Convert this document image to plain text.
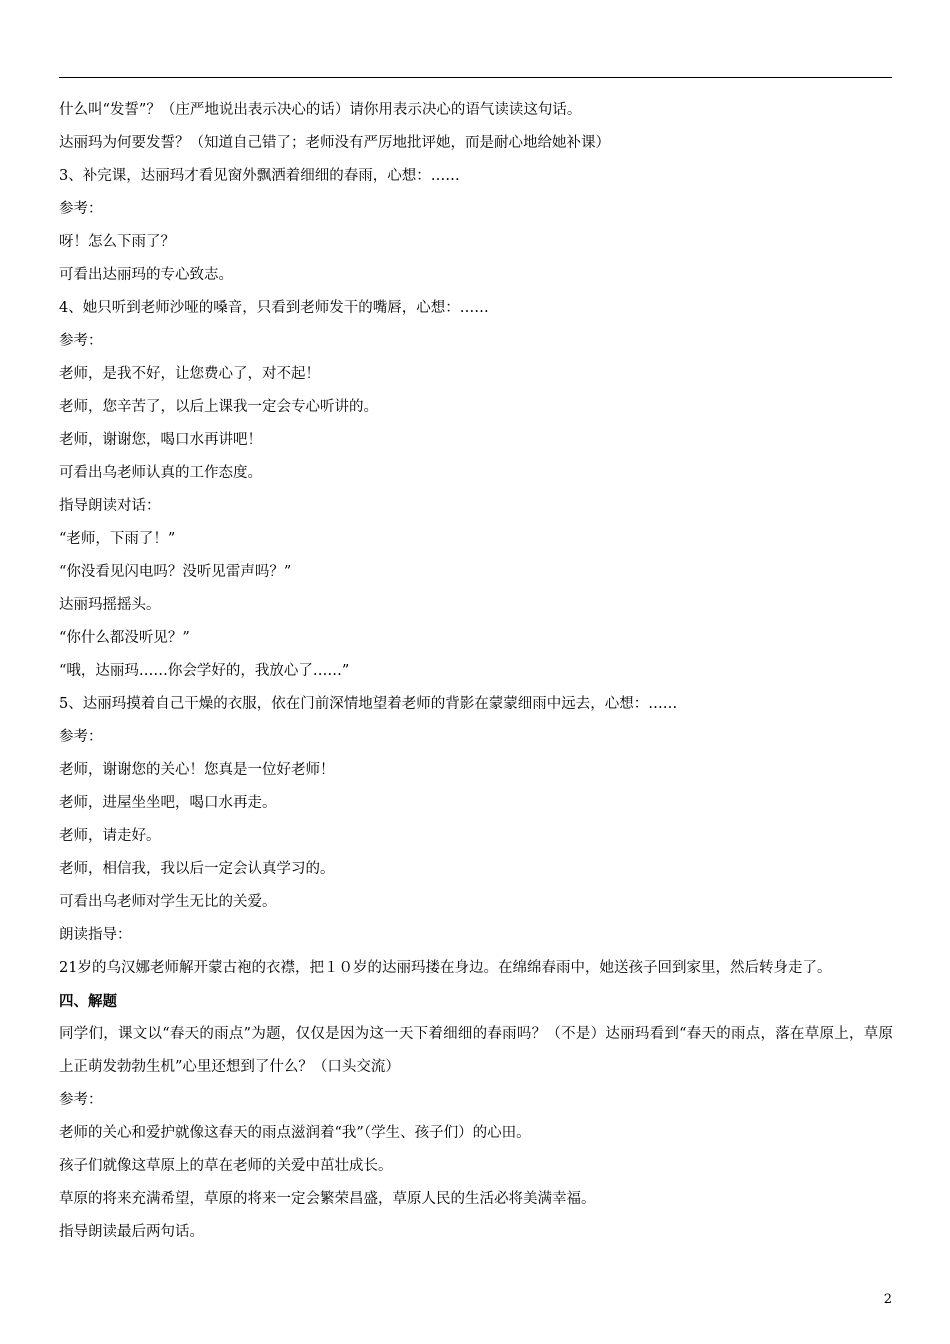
什么叫“发誓”？（庄严地说出表示决心的话）请你用表示决心的语气读读这句话。
达丽玛为何要发誓？（知道自己错了；老师没有严厉地批评她，而是耐心地给她补课）
3、补完课，达丽玛才看见窗外飘洒着细细的春雨，心想：……
参考：
呀！怎么下雨了？
可看出达丽玛的专心致志。
4、她只听到老师沙哑的嗓音，只看到老师发干的嘴唇，心想：……
参考：
老师，是我不好，让您费心了，对不起！
老师，您辛苦了，以后上课我一定会专心听讲的。
老师，谢谢您，喝口水再讲吧！
可看出乌老师认真的工作态度。
指导朗读对话：
“老师，下雨了！”
“你没看见闪电吗？没听见雷声吗？”
达丽玛摇摇头。
“你什么都没听见？”
“哦，达丽玛……你会学好的，我放心了……”
5、达丽玛摸着自己干燥的衣服，依在门前深情地望着老师的背影在蒙蒙细雨中远去，心想：……
参考：
老师，谢谢您的关心！您真是一位好老师！
老师，进屋坐坐吧，喝口水再走。
老师，请走好。
老师，相信我，我以后一定会认真学习的。
可看出乌老师对学生无比的关爱。
朗读指导：
21岁的乌汉娜老师解开蒙古袍的衣襟，把１０岁的达丽玛搂在身边。在绵绵春雨中，她送孩子回到家里，然后转身走了。
四、解题
同学们，课文以“春天的雨点”为题，仅仅是因为这一天下着细细的春雨吗？（不是）达丽玛看到“春天的雨点，落在草原上，草原上正萌发勃勃生机”心里还想到了什么？（口头交流）
参考：
老师的关心和爱护就像这春天的雨点滋润着“我”（学生、孩子们）的心田。
孩子们就像这草原上的草在老师的关爱中茁壮成长。
草原的将来充满希望，草原的将来一定会繁荣昌盛，草原人民的生活必将美满幸福。
指导朗读最后两句话。
2
